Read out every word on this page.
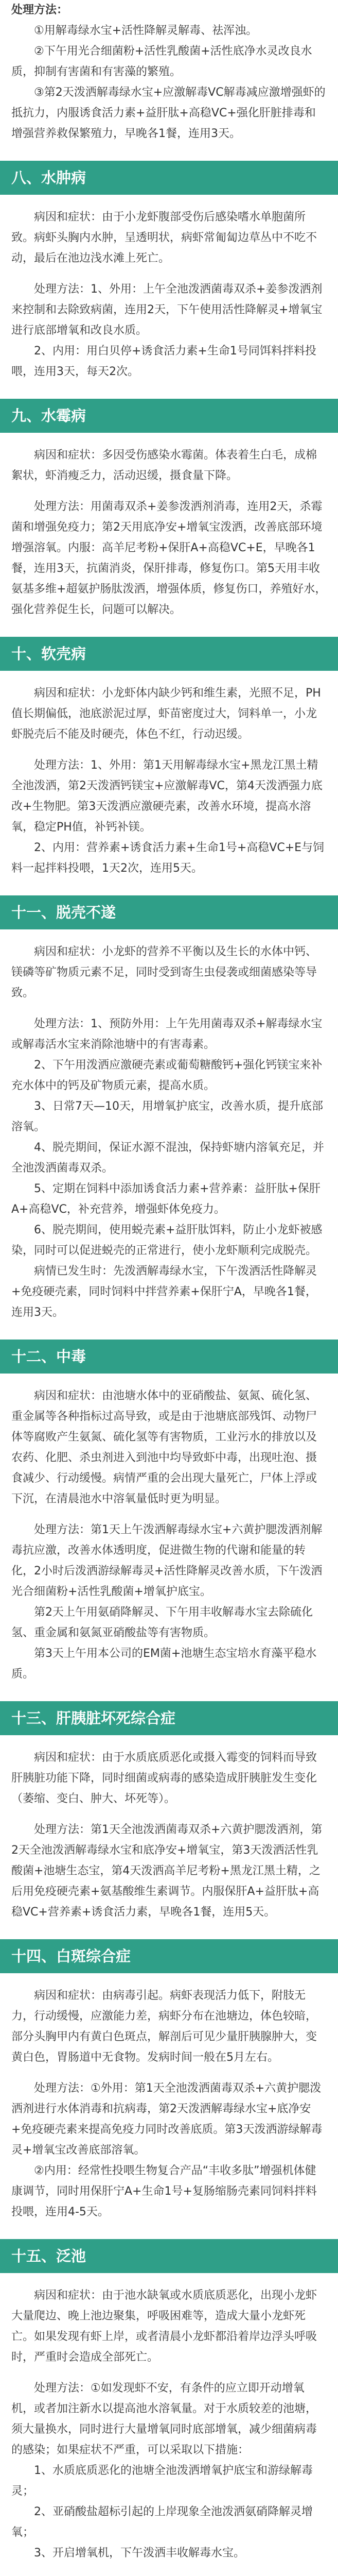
处理方法：

①用解毒绿水宝+活性降解灵解毒、祛浑浊。

②下午用光合细菌粉+活性乳酸菌+活性底净水灵改良水质，抑制有害菌和有害藻的繁殖。

③第2天泼洒解毒绿水宝+应激解毒VC解毒减应激增强虾的抵抗力，内服诱食活力素+益肝肽+高稳VC+强化肝脏排毒和增强营养救保繁殖力，早晚各1餐，连用3天。

八、水肿病

病因和症状：由于小龙虾腹部受伤后感染嗜水单胞菌所致。病虾头胸内水肿，呈透明状，病虾常匍匐边草丛中不吃不动，最后在池边浅水滩上死亡。

处理方法：1、外用：上午全池泼洒菌毒双杀+姜参泼洒剂来控制和去除致病菌，连用2天，下午使用活性降解灵+增氧宝进行底部增氧和改良水质。

2、内用：用白贝停+诱食活力素+生命1号同饵料拌料投喂，连用3天，每天2次。

九、水霉病

病因和症状：多因受伤感染水霉菌。体表着生白毛，成棉絮状，虾消瘦乏力，活动迟缓，摄食量下降。

处理方法：用菌毒双杀+姜参泼洒剂消毒，连用2天，杀霉菌和增强免疫力；第2天用底净安+增氧宝泼洒，改善底部环境增强溶氧。内服：高羊尼考粉+保肝A+高稳VC+E，早晚各1餐，连用3天，抗菌消炎，保肝排毒，修复伤口。第5天用丰收氨基多维+超氨护肠肽泼洒，增强体质，修复伤口，养殖好水，强化营养促生长，问题可以解决。

十、软壳病

病因和症状：小龙虾体内缺少钙和维生素，光照不足，PH值长期偏低，池底淤泥过厚，虾苗密度过大，饲料单一，小龙虾脱壳后不能及时硬壳，体色不红，行动迟缓。

处理方法：1、外用：第1天用解毒绿水宝+黑龙江黑土精全池泼洒，第2天泼洒钙镁宝+应激解毒VC，第4天泼洒强力底改+生物肥。第3天泼洒应激硬壳素，改善水环境，提高水溶氧，稳定PH值，补钙补镁。

2、内用：营养素+诱食活力素+生命1号+高稳VC+E与饲料一起拌料投喂，1天2次，连用5天。

十一、脱壳不遂

病因和症状：小龙虾的营养不平衡以及生长的水体中钙、镁磷等矿物质元素不足，同时受到寄生虫侵袭或细菌感染等导致。

处理方法：1、预防外用：上午先用菌毒双杀+解毒绿水宝或解毒活水宝来消除池塘中的有害毒素。

2、下午用泼洒应激硬壳素或葡萄糖酸钙+强化钙镁宝来补充水体中的钙及矿物质元素，提高水质。

3、日常7天—10天，用增氧护底宝，改善水质，提升底部溶氧。

4、脱壳期间，保证水源不混浊，保持虾塘内溶氧充足，并全池泼洒菌毒双杀。

5、定期在饲料中添加诱食活力素+营养素：益肝肽+保肝A+高稳VC，补充营养，增强虾体免疫力。

6、脱壳期间，使用蜕壳素+益肝肽饵料，防止小龙虾被感染，同时可以促进蜕壳的正常进行，使小龙虾顺利完成脱壳。

病情已发生时：先泼洒解毒绿水宝，下午泼洒活性降解灵+免疫硬壳素，同时饲料中拌营养素+保肝宁A，早晚各1餐，连用3天。

十二、中毒

病因和症状：由池塘水体中的亚硝酸盐、氨氮、硫化氢、重金属等各种指标过高导致，或是由于池塘底部残饵、动物尸体等腐败产生氨氮、硫化氢等有害物质，工业污水的排放以及农药、化肥、杀虫剂进入到池中均导致虾中毒，出现吐泡、摄食减少、行动缓慢。病情严重的会出现大量死亡，尸体上浮或下沉，在清晨池水中溶氧量低时更为明显。

处理方法：第1天上午泼洒解毒绿水宝+六黄护腮泼洒剂解毒抗应激，改善水体透明度，促进微生物的代谢和能量的转化，2小时后泼洒游绿解毒灵+活性降解灵改善水质，下午泼洒光合细菌粉+活性乳酸菌+增氧护底宝。

第2天上午用氨硝降解灵、下午用丰收解毒水宝去除硫化氢、重金属和氨氮亚硝酸盐等有害物质。

第3天上午用本公司的EM菌+池塘生态宝培水育藻平稳水质。

十三、肝胰脏坏死综合症

病因和症状：由于水质底质恶化或摄入霉变的饲料而导致肝胰脏功能下降，同时细菌或病毒的感染造成肝胰脏发生变化（萎缩、变白、肿大、坏死等）。

处理方法：第1天全池泼洒菌毒双杀+六黄护腮泼洒剂，第2天全池泼洒解毒绿水宝和底净安+增氧宝，第3天泼洒活性乳酸菌+池塘生态宝，第4天泼洒高羊尼考粉+黑龙江黑土精，之后用免疫硬壳素+氨基酸维生素调节。内服保肝A+益肝肽+高稳VC+营养素+诱食活力素，早晚各1餐，连用5天。

十四、白斑综合症

病因和症状：由病毒引起。病虾表现活力低下，附肢无力，行动缓慢，应激能力差，病虾分布在池塘边，体色较暗，部分头胸甲内有黄白色斑点，解剖后可见少量肝胰腺肿大，变黄白色，胃肠道中无食物。发病时间一般在5月左右。

处理方法：①外用：第1天全池泼洒菌毒双杀+六黄护腮泼洒剂进行水体消毒和抗病毒，第2天泼洒解毒绿水宝+底净安+免疫硬壳素来提高免疫力同时改善底质。第3天泼洒游绿解毒灵+增氧宝改善底部溶氧。

②内用：经常性投喂生物复合产品“丰收多肽”增强机体健康调节，同时用保肝宁A+生命1号+复肠缩肠壳素同饲料拌料投喂，连用4-5天。

十五、泛池

病因和症状：由于池水缺氧或水质底质恶化，出现小龙虾大量爬边、晚上池边聚集，呼吸困难等，造成大量小龙虾死亡。如果发现有虾上岸，或者清晨小龙虾都沿着岸边浮头呼吸时，严重时会造成全部死亡。

处理方法：①如发现虾不安，有条件的应立即开动增氧机，或者加注新水以提高池水溶氧量。对于水质较差的池塘，须大量换水，同时进行大量增氧同时底部增氧，减少细菌病毒的感染；如果症状不严重，可以采取以下措施：

1、水质底质恶化的池塘全池泼洒增氧护底宝和游绿解毒灵；

2、亚硝酸盐超标引起的上岸现象全池泼洒氨硝降解灵增氧；

3、开启增氧机，下午泼洒丰收解毒水宝。
